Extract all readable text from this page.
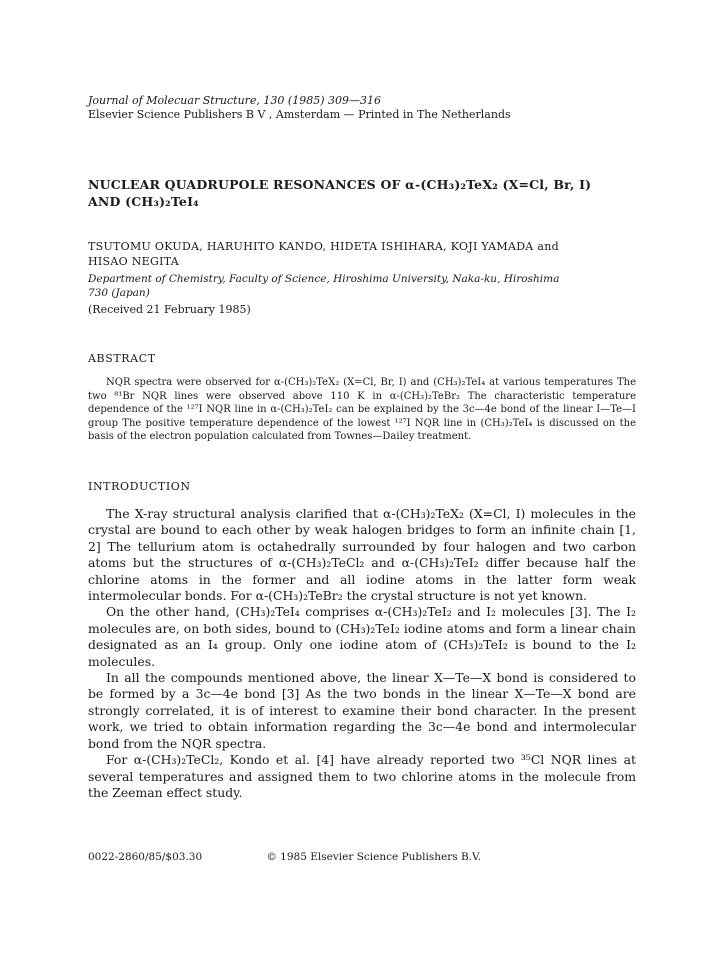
Journal of Molecuar Structure, 130 (1985) 309—316
Elsevier Science Publishers B V , Amsterdam — Printed in The Netherlands
NUCLEAR QUADRUPOLE RESONANCES OF α-(CH₃)₂TeX₂ (X=Cl, Br, I)
AND (CH₃)₂TeI₄
TSUTOMU OKUDA, HARUHITO KANDO, HIDETA ISHIHARA, KOJI YAMADA and
HISAO NEGITA
Department of Chemistry, Faculty of Science, Hiroshima University, Naka-ku, Hiroshima
730 (Japan)
(Received 21 February 1985)
ABSTRACT

NQR spectra were observed for α-(CH₃)₂TeX₂ (X=Cl, Br, I) and (CH₃)₂TeI₄ at various temperatures The two ⁸¹Br NQR lines were observed above 110 K in α-(CH₃)₂TeBr₂ The characteristic temperature dependence of the ¹²⁷I NQR line in α-(CH₃)₂TeI₂ can be explained by the 3c—4e bond of the linear I—Te—I group The positive temperature dependence of the lowest ¹²⁷I NQR line in (CH₃)₂TeI₄ is discussed on the basis of the electron population calculated from Townes—Dailey treatment.

INTRODUCTION

The X-ray structural analysis clarified that α-(CH₃)₂TeX₂ (X=Cl, I) molecules in the crystal are bound to each other by weak halogen bridges to form an infinite chain [1, 2] The tellurium atom is octahedrally surrounded by four halogen and two carbon atoms but the structures of α-(CH₃)₂TeCl₂ and α-(CH₃)₂TeI₂ differ because half the chlorine atoms in the former and all iodine atoms in the latter form weak intermolecular bonds. For α-(CH₃)₂TeBr₂ the crystal structure is not yet known.

On the other hand, (CH₃)₂TeI₄ comprises α-(CH₃)₂TeI₂ and I₂ molecules [3]. The I₂ molecules are, on both sides, bound to (CH₃)₂TeI₂ iodine atoms and form a linear chain designated as an I₄ group. Only one iodine atom of (CH₃)₂TeI₂ is bound to the I₂ molecules.

In all the compounds mentioned above, the linear X—Te—X bond is considered to be formed by a 3c—4e bond [3] As the two bonds in the linear X—Te—X bond are strongly correlated, it is of interest to examine their bond character. In the present work, we tried to obtain information regarding the 3c—4e bond and intermolecular bond from the NQR spectra.

For α-(CH₃)₂TeCl₂, Kondo et al. [4] have already reported two ³⁵Cl NQR lines at several temperatures and assigned them to two chlorine atoms in the molecule from the Zeeman effect study.

0022-2860/85/$03.30	© 1985 Elsevier Science Publishers B.V.
